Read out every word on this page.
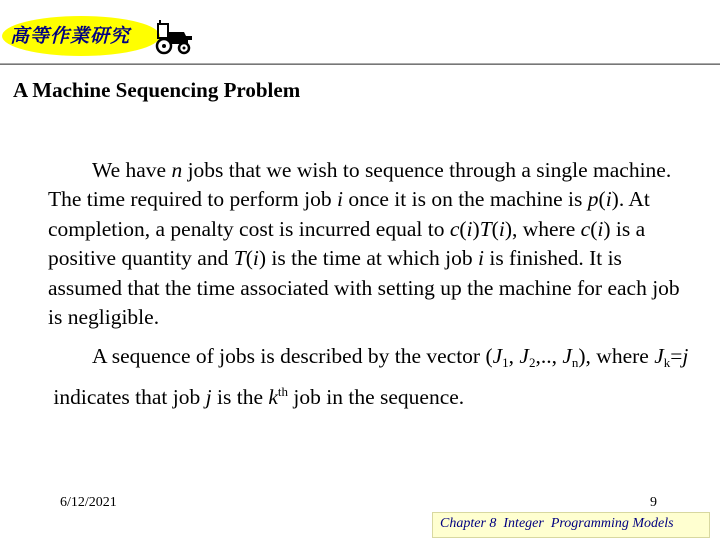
高等作業研究
A Machine Sequencing Problem
We have n jobs that we wish to sequence through a single machine. The time required to perform job i once it is on the machine is p(i). At completion, a penalty cost is incurred equal to c(i)T(i), where c(i) is a positive quantity and T(i) is the time at which job i is finished. It is assumed that the time associated with setting up the machine for each job is negligible.
A sequence of jobs is described by the vector ($J_1$, $J_2$,.., $J_n$), where $J_k=j$ indicates that job j is the $k^{th}$ job in the sequence.
6/12/2021	9
Chapter 8  Integer  Programming Models
